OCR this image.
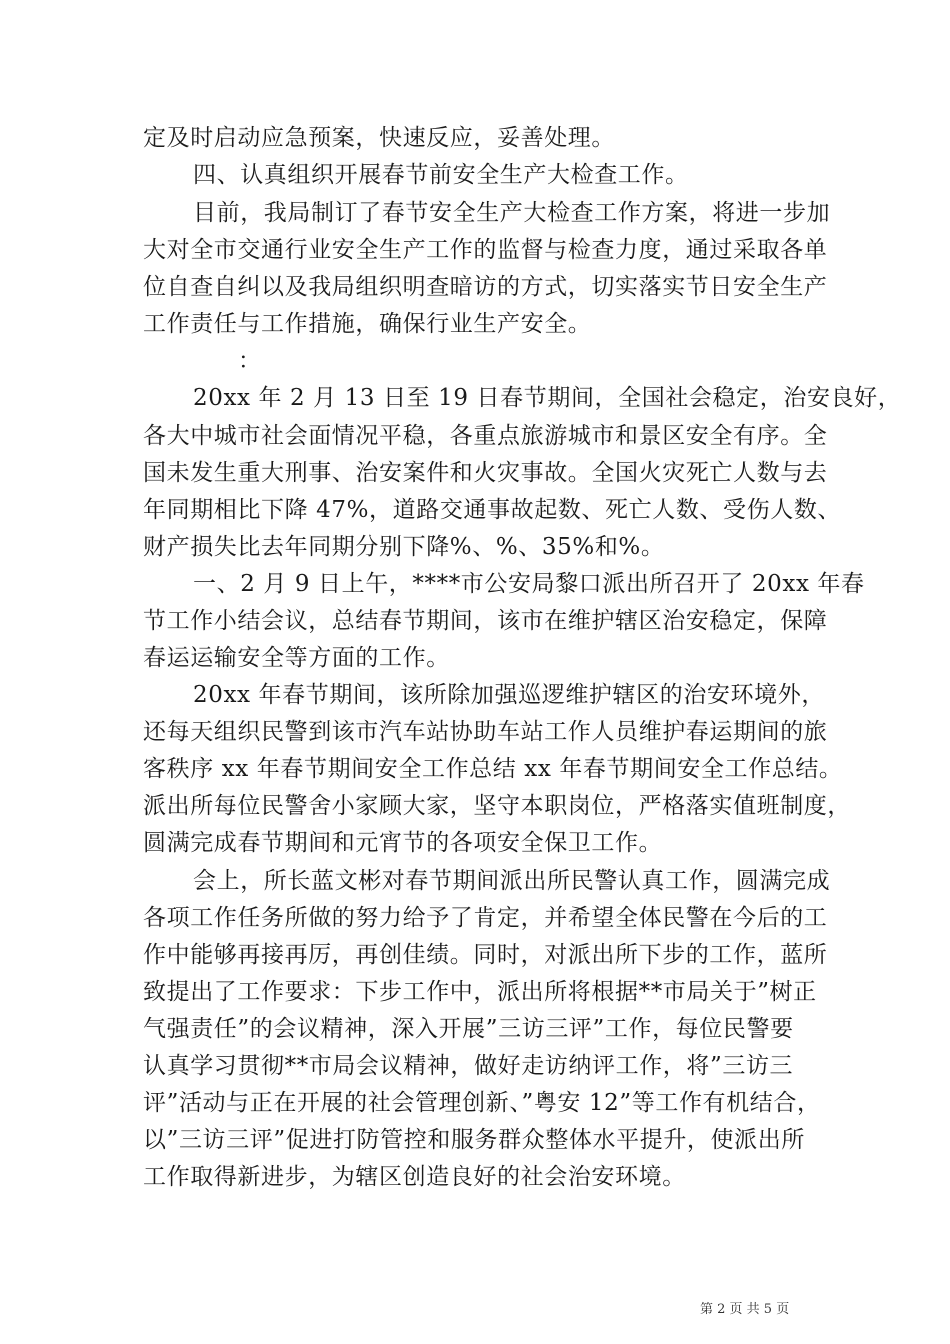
定及时启动应急预案，快速反应，妥善处理。
四、认真组织开展春节前安全生产大检查工作。
目前，我局制订了春节安全生产大检查工作方案，将进一步加
大对全市交通行业安全生产工作的监督与检查力度，通过采取各单
位自查自纠以及我局组织明查暗访的方式，切实落实节日安全生产
工作责任与工作措施，确保行业生产安全。
：
20xx 年 2 月 13 日至 19 日春节期间，全国社会稳定，治安良好，
各大中城市社会面情况平稳，各重点旅游城市和景区安全有序。全
国未发生重大刑事、治安案件和火灾事故。全国火灾死亡人数与去
年同期相比下降 47%，道路交通事故起数、死亡人数、受伤人数、
财产损失比去年同期分别下降%、%、35%和%。
一、2 月 9 日上午，****市公安局黎口派出所召开了 20xx 年春
节工作小结会议，总结春节期间，该市在维护辖区治安稳定，保障
春运运输安全等方面的工作。
20xx 年春节期间，该所除加强巡逻维护辖区的治安环境外，
还每天组织民警到该市汽车站协助车站工作人员维护春运期间的旅
客秩序 xx 年春节期间安全工作总结 xx 年春节期间安全工作总结。
派出所每位民警舍小家顾大家，坚守本职岗位，严格落实值班制度，
圆满完成春节期间和元宵节的各项安全保卫工作。
会上，所长蓝文彬对春节期间派出所民警认真工作，圆满完成
各项工作任务所做的努力给予了肯定，并希望全体民警在今后的工
作中能够再接再厉，再创佳绩。同时，对派出所下步的工作，蓝所
致提出了工作要求：下步工作中，派出所将根据**市局关于”树正
气强责任”的会议精神，深入开展”三访三评”工作，每位民警要
认真学习贯彻**市局会议精神，做好走访纳评工作，将”三访三
评”活动与正在开展的社会管理创新、”粤安 12”等工作有机结合，
以”三访三评”促进打防管控和服务群众整体水平提升，使派出所
工作取得新进步，为辖区创造良好的社会治安环境。
第 2 页 共 5 页
